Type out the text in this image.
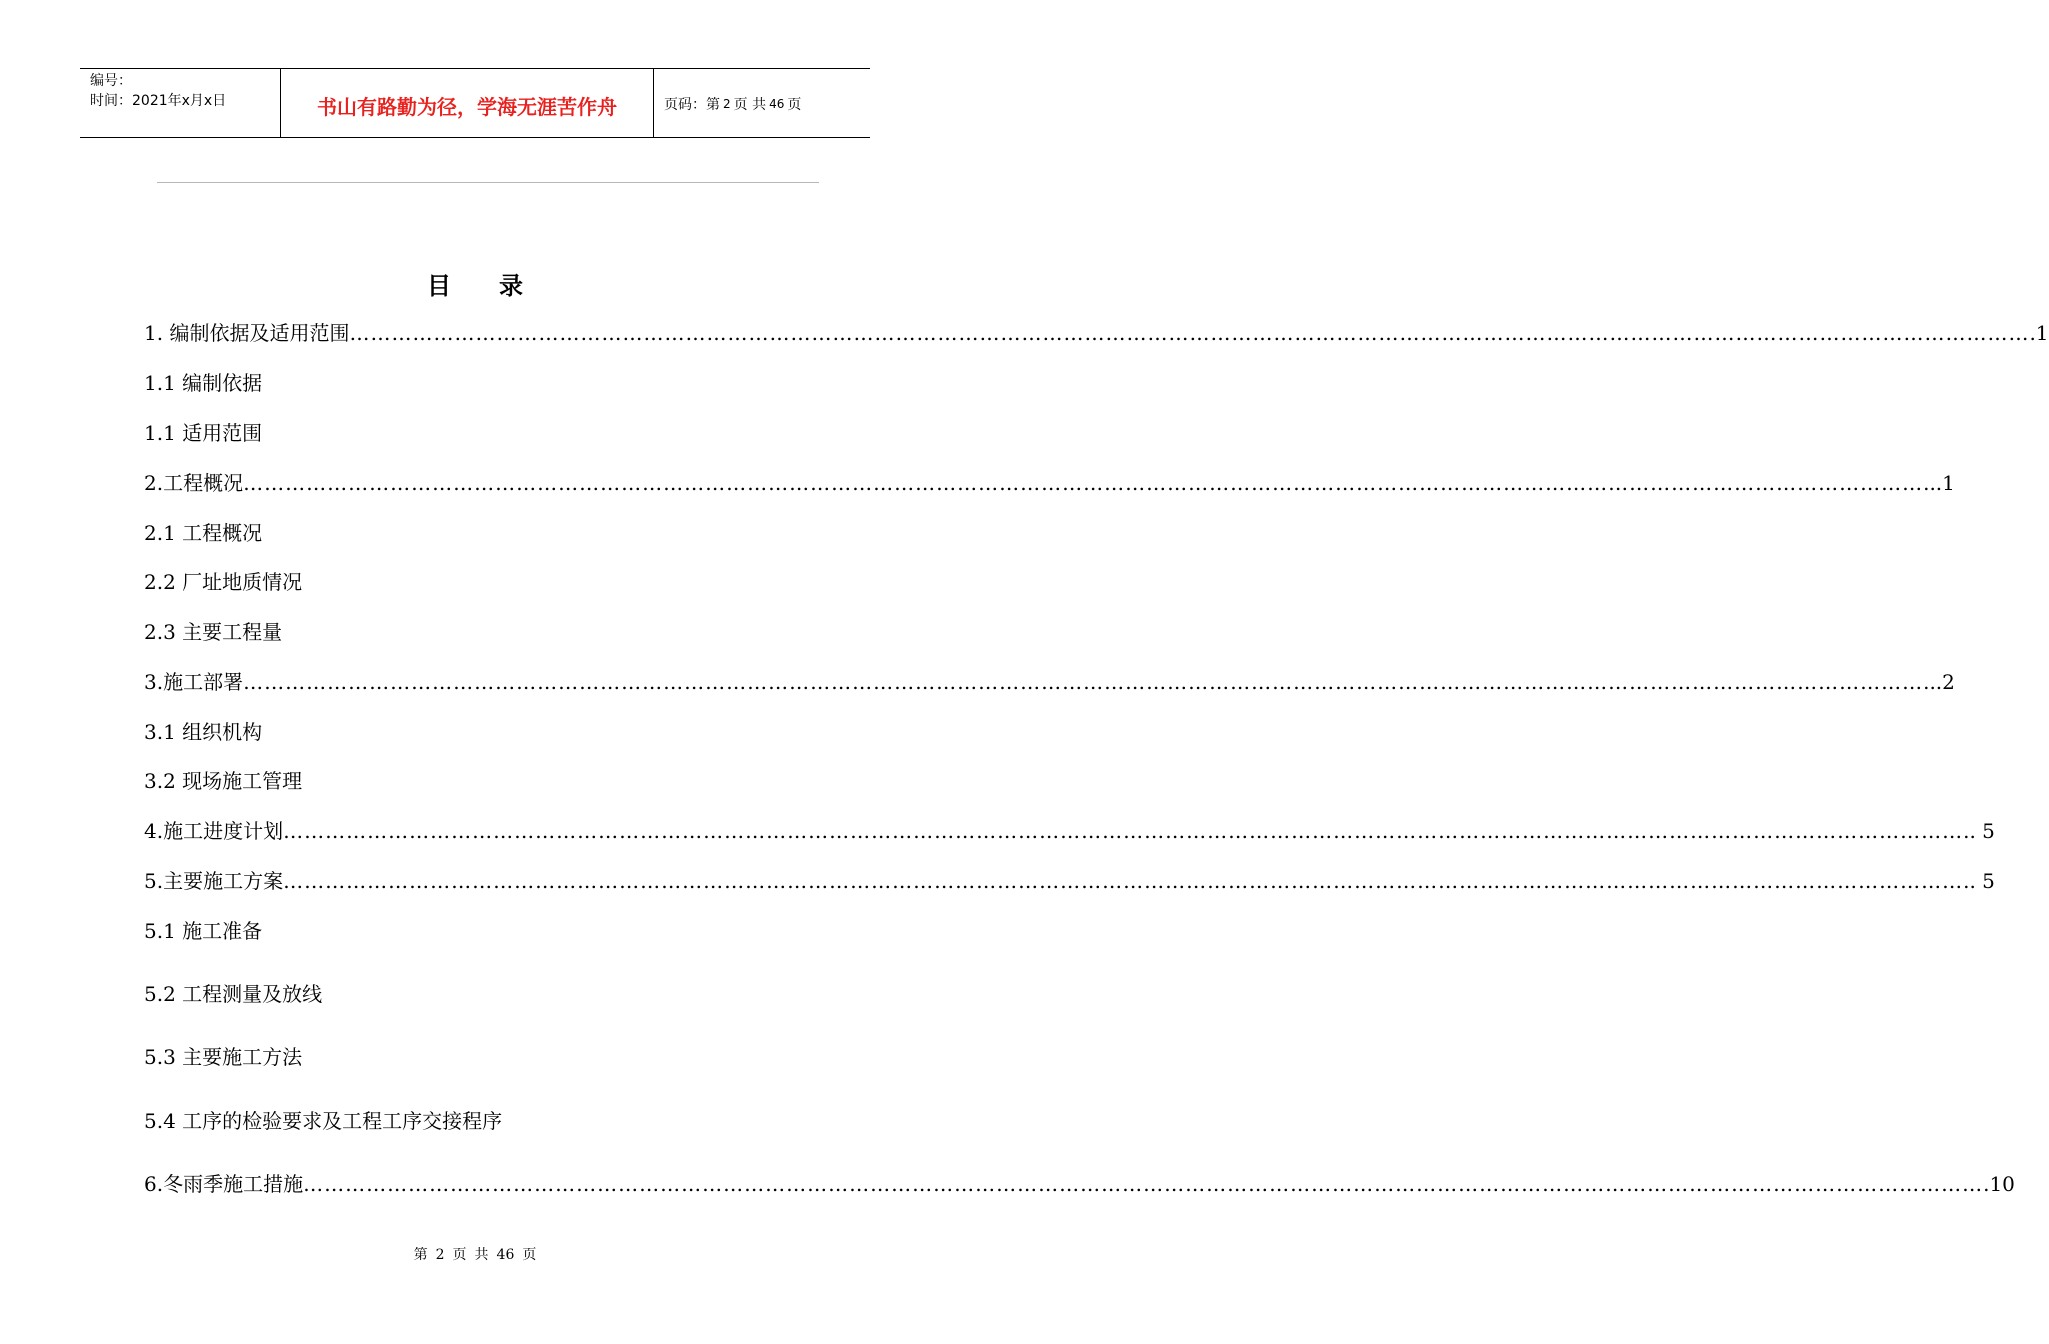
编号：
时间：2021年x月x日	书山有路勤为径，学海无涯苦作舟	页码：第 2 页 共 46 页
目录
1. 编制依据及适用范围 …………………………………………………………………………………………………………………………………………………………………………………………………………………… .1
1.1 编制依据
1.1 适用范围
2.工程概况 …………………………………………………………………………………………………………………………………………………………………………………………………………………… ...1
2.1 工程概况
2.2 厂址地质情况
2.3 主要工程量
3.施工部署 …………………………………………………………………………………………………………………………………………………………………………………………………………………… ...2
3.1 组织机构
3.2 现场施工管理
4.施工进度计划 …………………………………………………………………………………………………………………………………………………………………………………………………………………… .. 5
5.主要施工方案 …………………………………………………………………………………………………………………………………………………………………………………………………………………… .. 5
5.1 施工准备
5.2 工程测量及放线
5.3 主要施工方法
5.4 工序的检验要求及工程工序交接程序
6.冬雨季施工措施 …………………………………………………………………………………………………………………………………………………………………………………………………………………… .10
第 2 页 共 46 页
